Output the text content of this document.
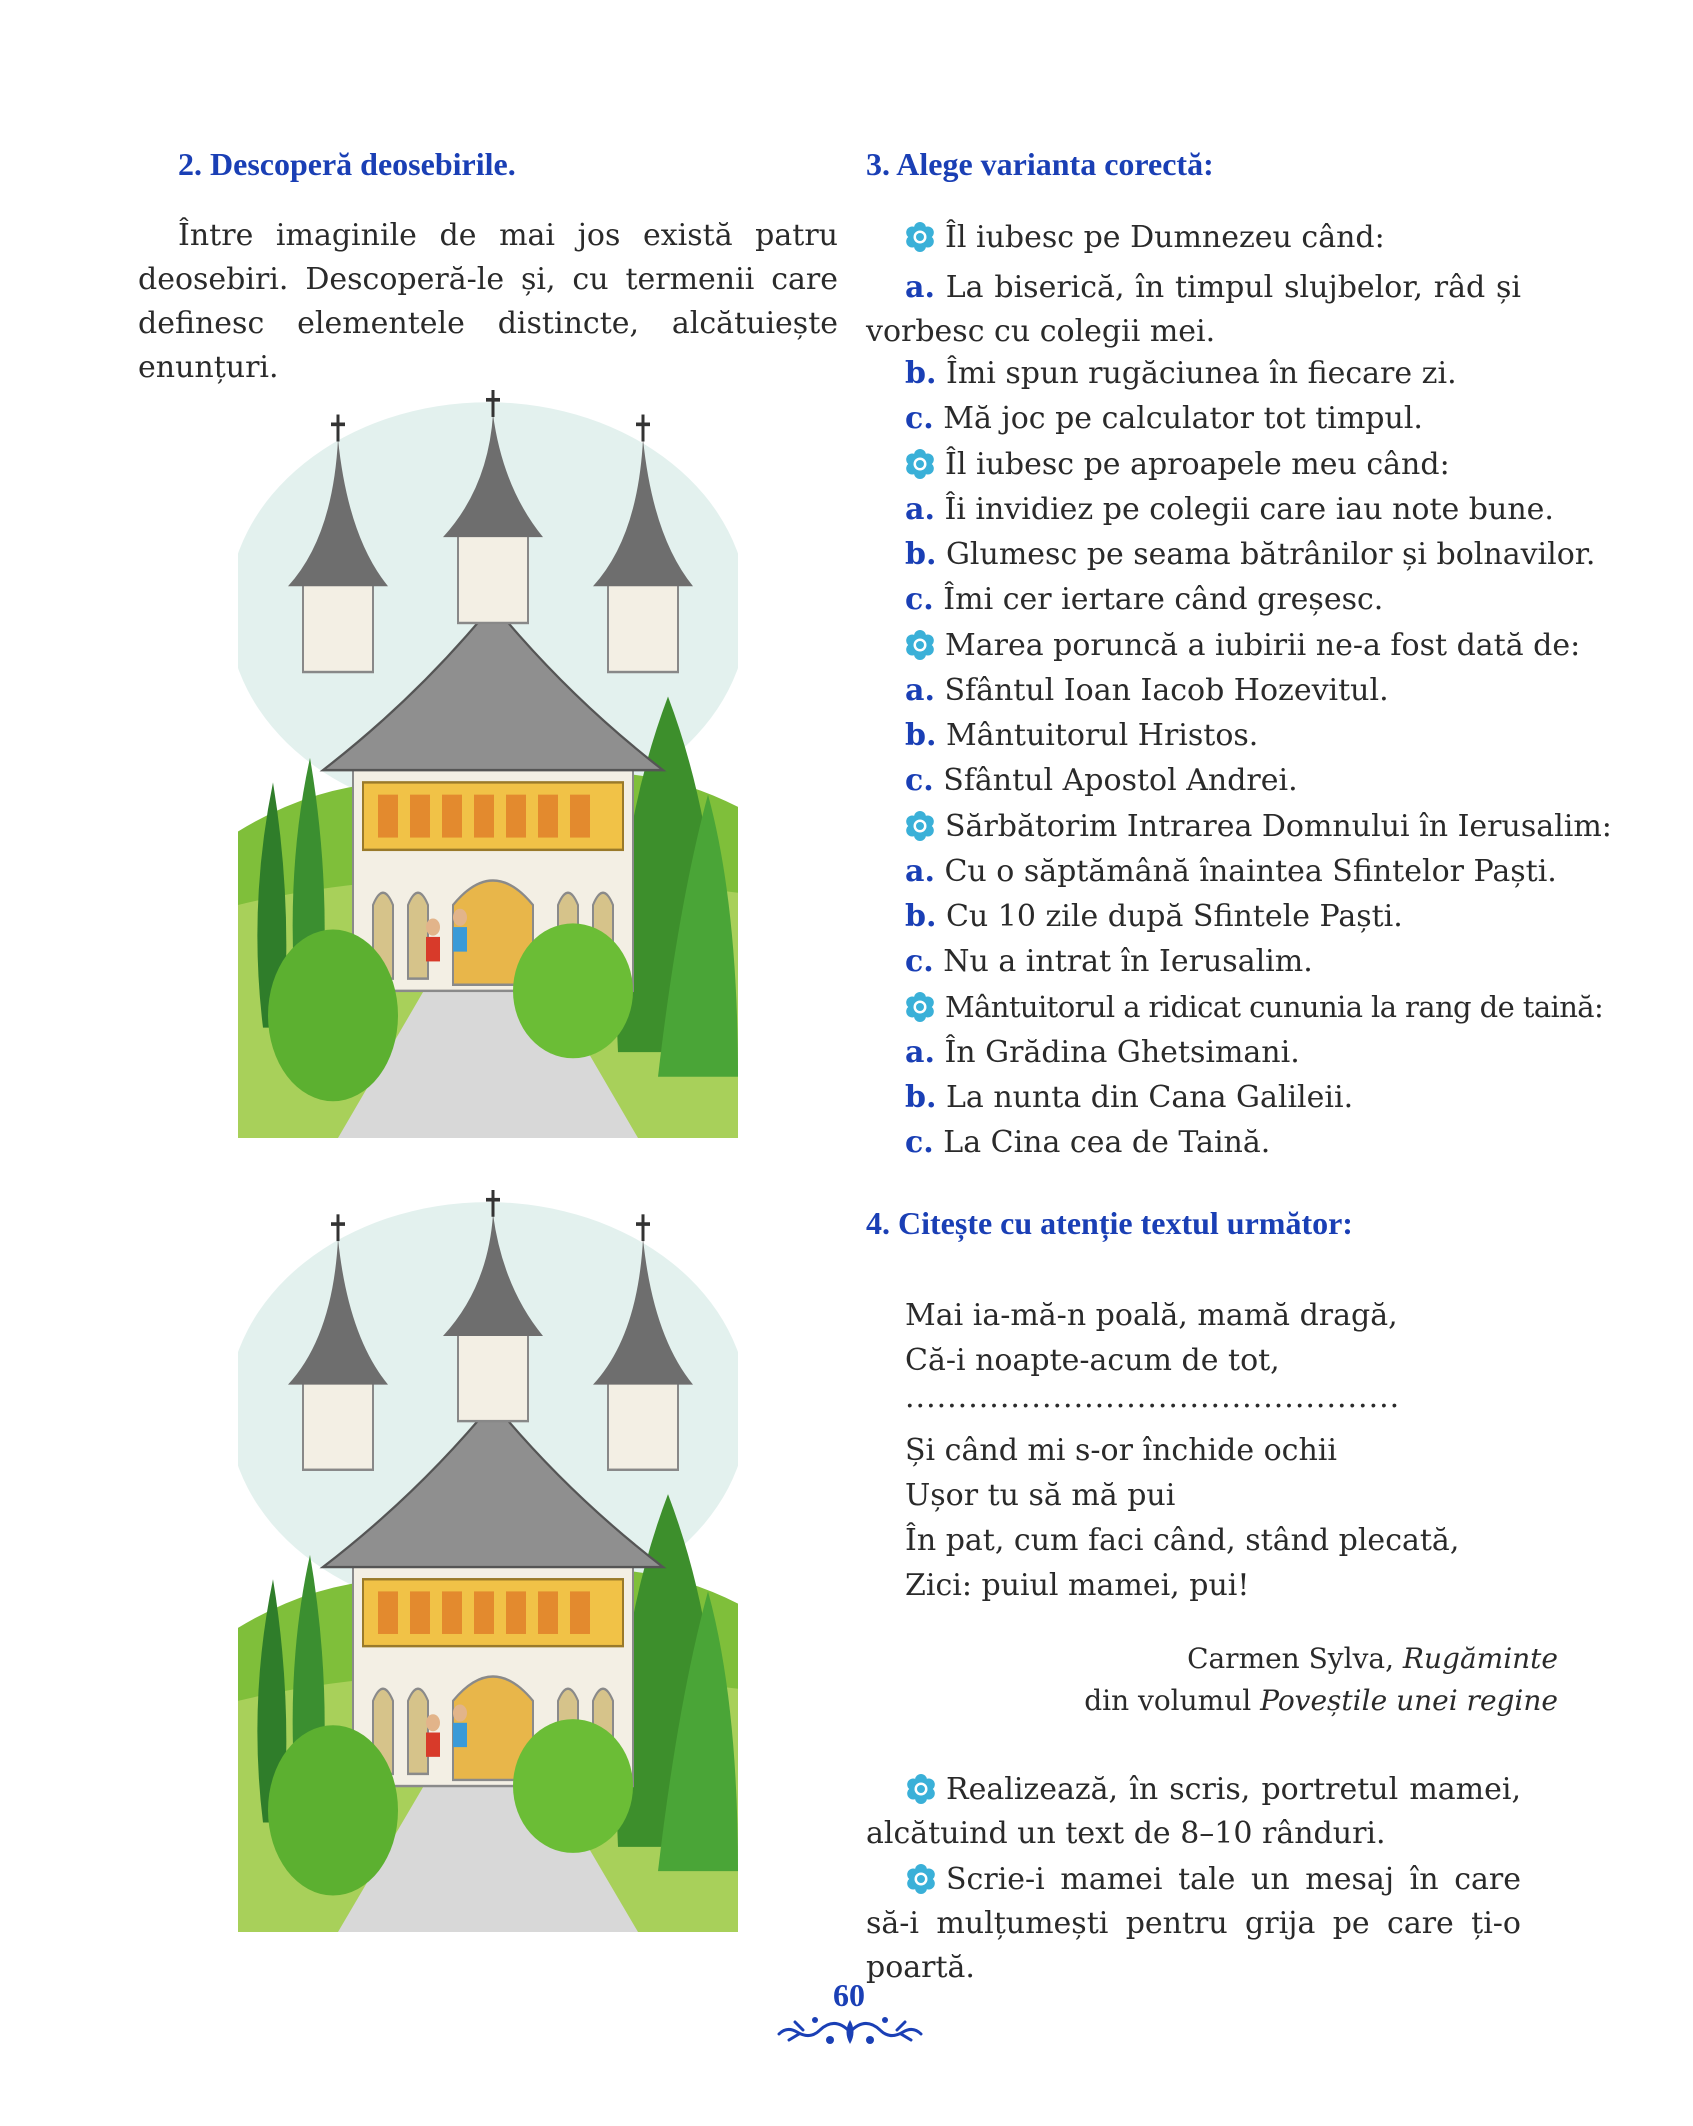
2. Descoperă deosebirile.
Între imaginile de mai jos există patru deosebiri. Descoperă-le și, cu termenii care definesc elementele distincte, alcătuiește enunțuri.
3. Alege varianta corectă:
Îl iubesc pe Dumnezeu când:
a. La biserică, în timpul slujbelor, râd și vorbesc cu colegii mei.
b. Îmi spun rugăciunea în fiecare zi.
c. Mă joc pe calculator tot timpul.
Îl iubesc pe aproapele meu când:
a. Îi invidiez pe colegii care iau note bune.
b. Glumesc pe seama bătrânilor și bolnavilor.
c. Îmi cer iertare când greșesc.
Marea poruncă a iubirii ne-a fost dată de:
a. Sfântul Ioan Iacob Hozevitul.
b. Mântuitorul Hristos.
c. Sfântul Apostol Andrei.
Sărbătorim Intrarea Domnului în Ierusalim:
a. Cu o săptămână înaintea Sfintelor Paști.
b. Cu 10 zile după Sfintele Paști.
c. Nu a intrat în Ierusalim.
Mântuitorul a ridicat cununia la rang de taină:
a. În Grădina Ghetsimani.
b. La nunta din Cana Galileii.
c. La Cina cea de Taină.
4. Citește cu atenție textul următor:
Mai ia-mă-n poală, mamă dragă,
Că-i noapte-acum de tot,
...............................................
Și când mi s-or închide ochii
Ușor tu să mă pui
În pat, cum faci când, stând plecată,
Zici: puiul mamei, pui!
Carmen Sylva, Rugăminte
din volumul Poveștile unei regine
Realizează, în scris, portretul mamei, alcătuind un text de 8–10 rânduri.
Scrie-i mamei tale un mesaj în care să-i mulțumești pentru grija pe care ți-o poartă.
60
